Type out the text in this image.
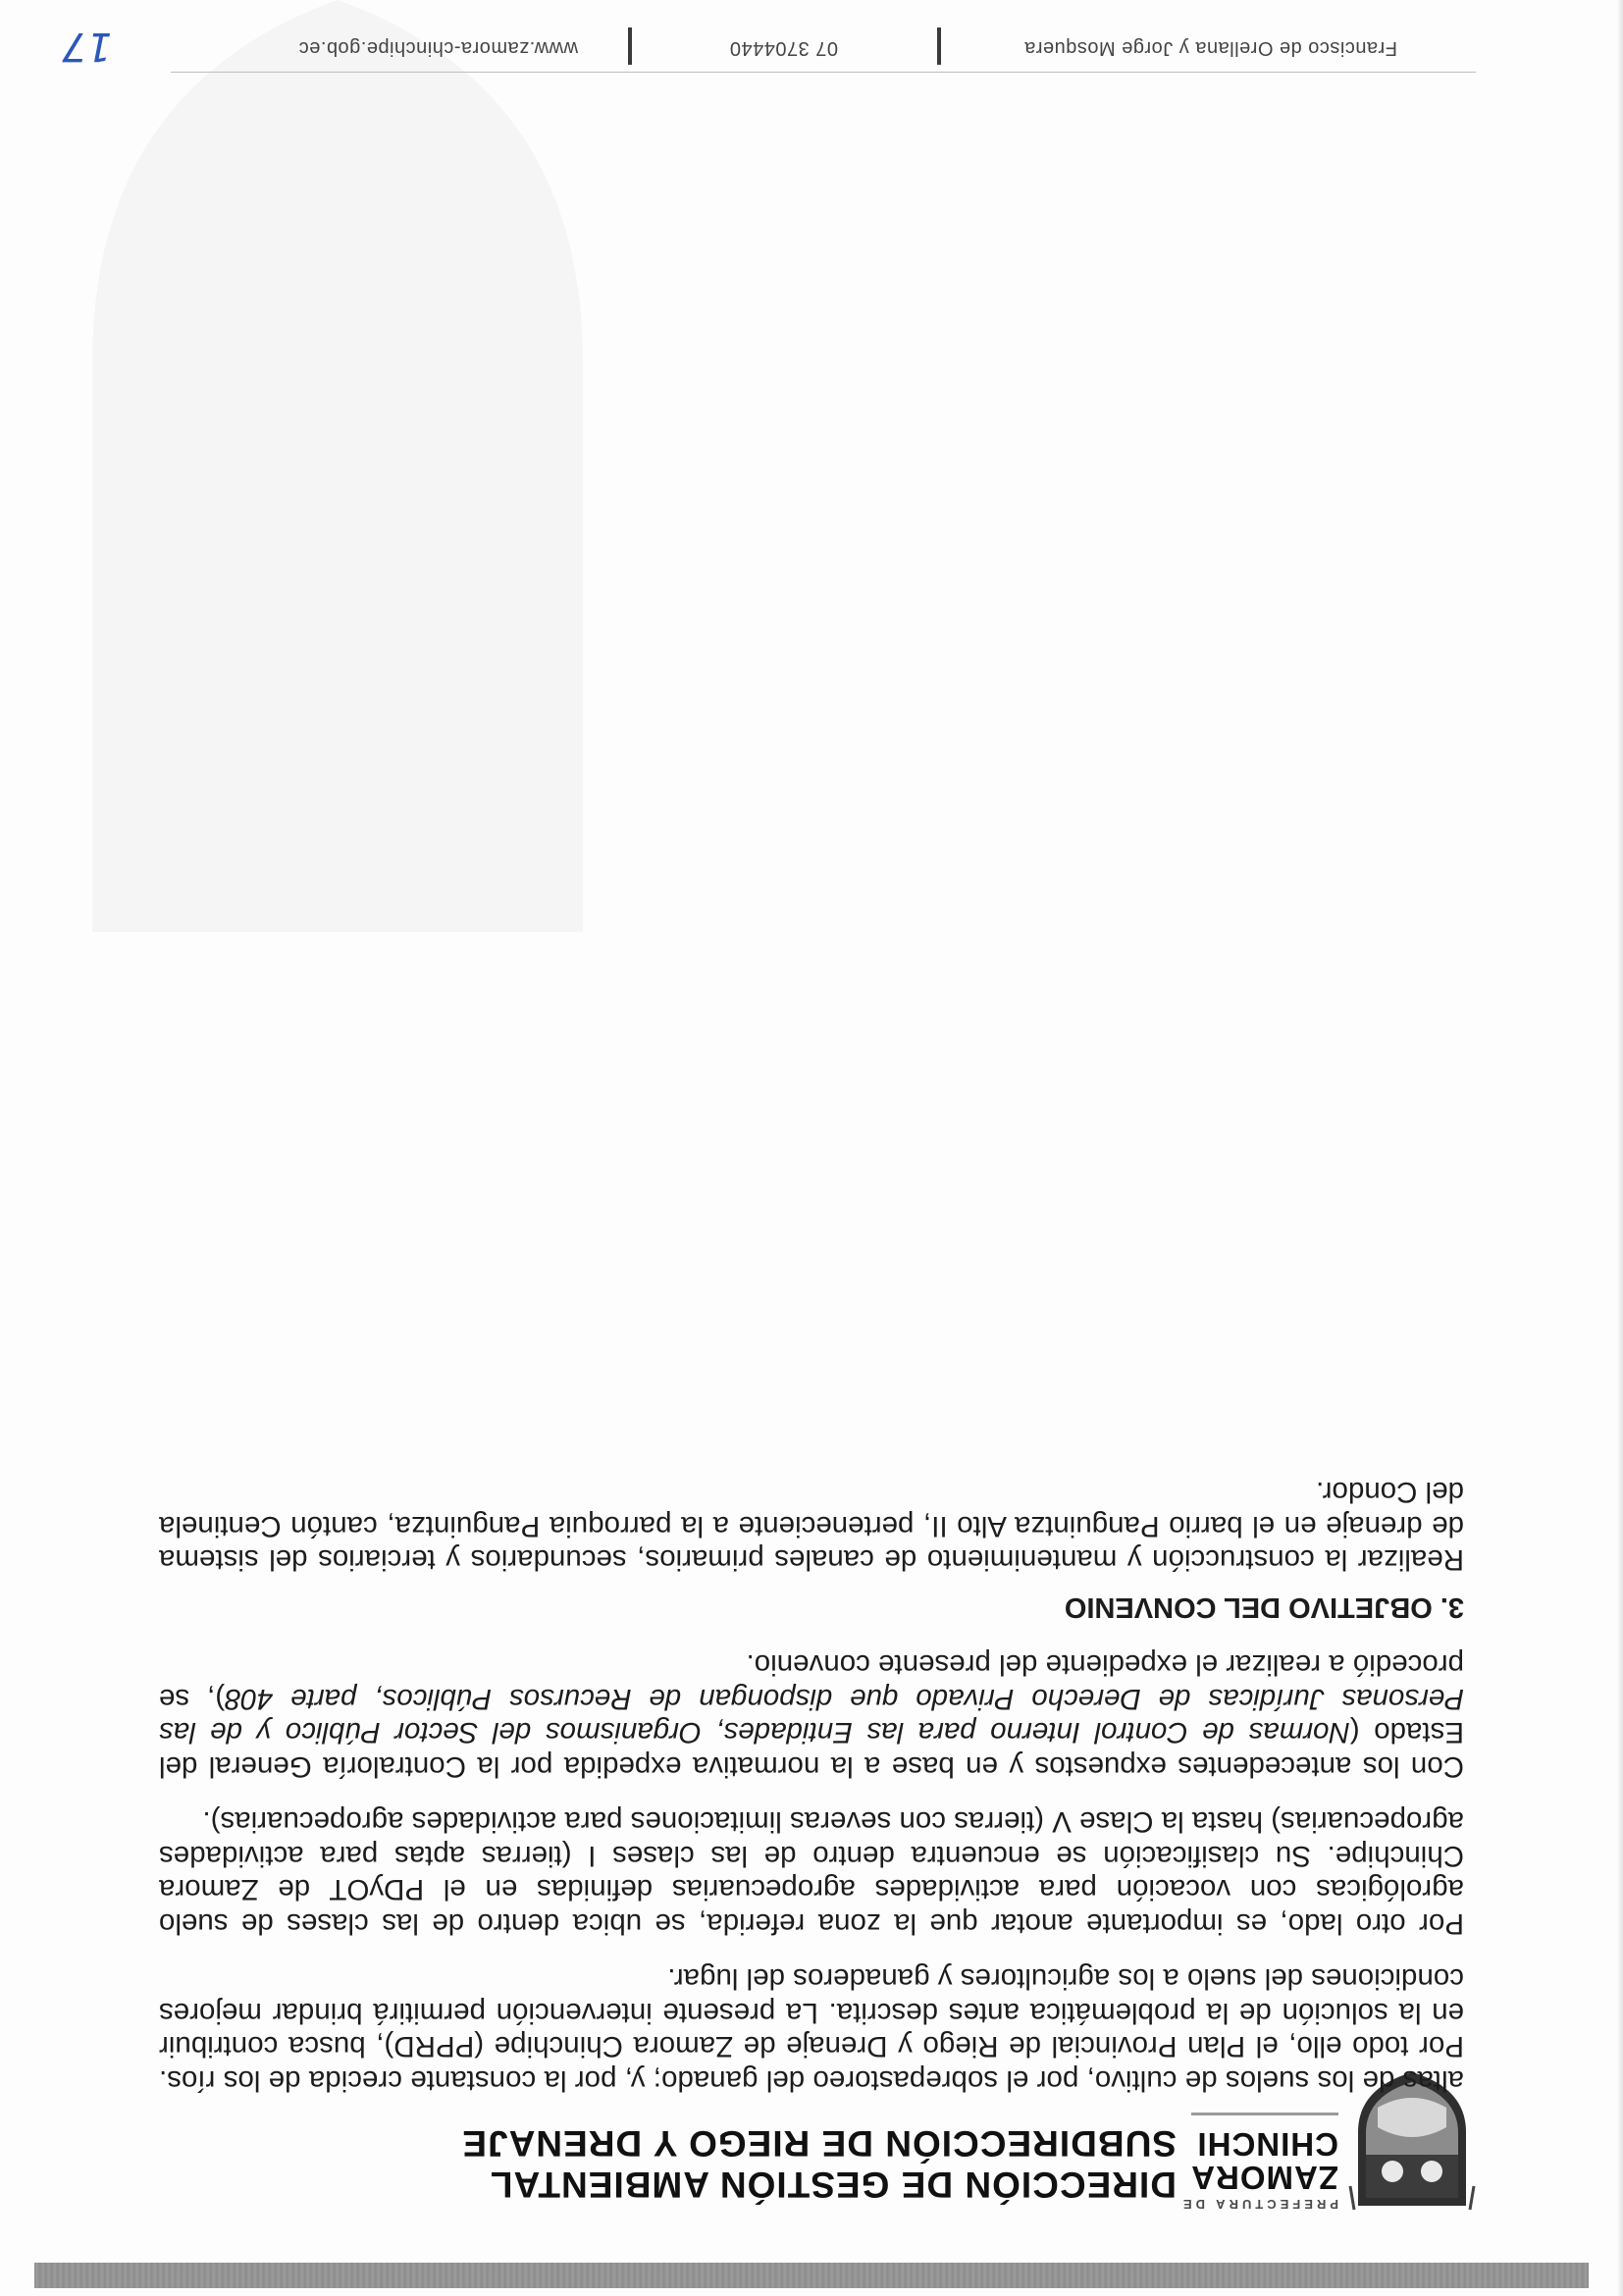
PREFECTURA DE
ZAMORA
CHINCHI
DIRECCIÓN DE GESTIÓN AMBIENTAL
SUBDIRECCIÓN DE RIEGO Y DRENAJE

altas de los suelos de cultivo, por el sobrepastoreo del ganado; y, por la constante crecida de los ríos. Por todo ello, el Plan Provincial de Riego y Drenaje de Zamora Chinchipe (PPRD), busca contribuir en la solución de la problemática antes descrita. La presente intervención permitirá brindar mejores condiciones del suelo a los agricultores y ganaderos del lugar.

Por otro lado, es importante anotar que la zona referida, se ubica dentro de las clases de suelo agrológicas con vocación para actividades agropecuarias definidas en el PDyOT de Zamora Chinchipe. Su clasificación se encuentra dentro de las clases I (tierras aptas para actividades agropecuarias) hasta la Clase V (tierras con severas limitaciones para actividades agropecuarias).

Con los antecedentes expuestos y en base a la normativa expedida por la Contraloría General del Estado (Normas de Control Interno para las Entidades, Organismos del Sector Público y de las Personas Jurídicas de Derecho Privado que dispongan de Recursos Públicos, parte 408), se procedió a realizar el expediente del presente convenio.

3. OBJETIVO DEL CONVENIO

Realizar la construcción y mantenimiento de canales primarios, secundarios y terciarios del sistema de drenaje en el barrio Panguintza Alto II, perteneciente a la parroquia Panguintza, cantón Centinela del Condor.

Francisco de Orellana y Jorge Mosquera
07 3704440
www.zamora-chinchipe.gob.ec
17
